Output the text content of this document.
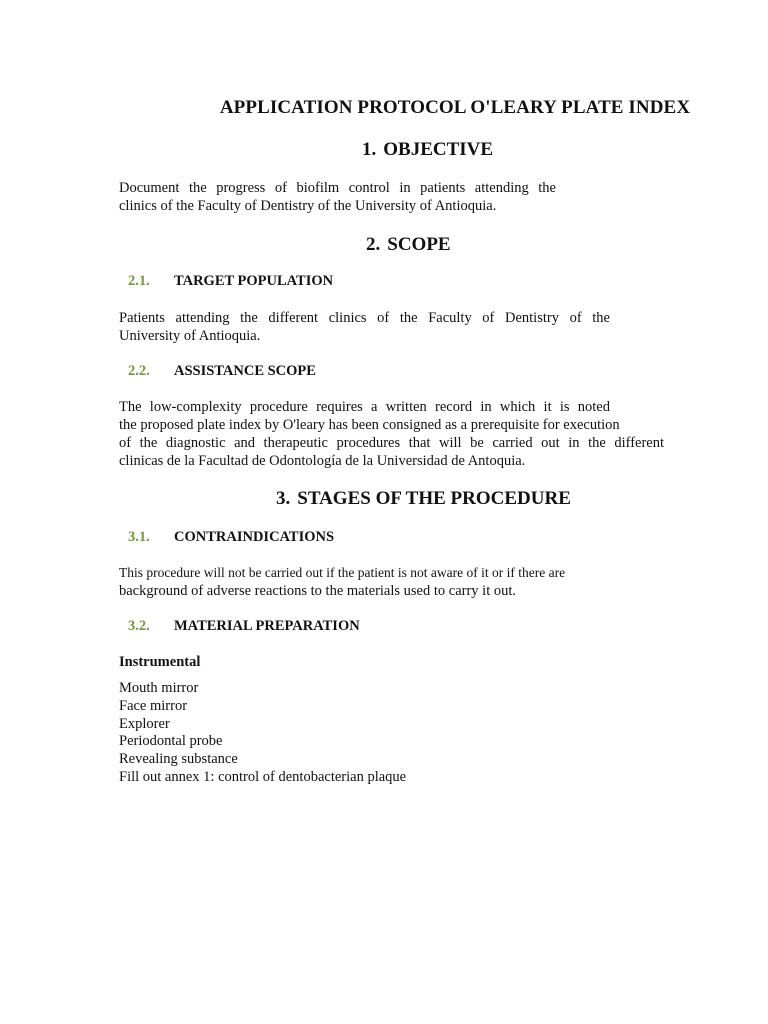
APPLICATION PROTOCOL O'LEARY PLATE INDEX
1. OBJECTIVE
Document the progress of biofilm control in patients attending the
clinics of the Faculty of Dentistry of the University of Antioquia.
2. SCOPE
2.1. TARGET POPULATION
Patients attending the different clinics of the Faculty of Dentistry of the
University of Antioquia.
2.2. ASSISTANCE SCOPE
The low-complexity procedure requires a written record in which it is noted
the proposed plate index by O'leary has been consigned as a prerequisite for execution
of the diagnostic and therapeutic procedures that will be carried out in the different
clinicas de la Facultad de Odontología de la Universidad de Antoquia.
3. STAGES OF THE PROCEDURE
3.1. CONTRAINDICATIONS
This procedure will not be carried out if the patient is not aware of it or if there are
background of adverse reactions to the materials used to carry it out.
3.2. MATERIAL PREPARATION
Instrumental
Mouth mirror
Face mirror
Explorer
Periodontal probe
Revealing substance
Fill out annex 1: control of dentobacterian plaque
